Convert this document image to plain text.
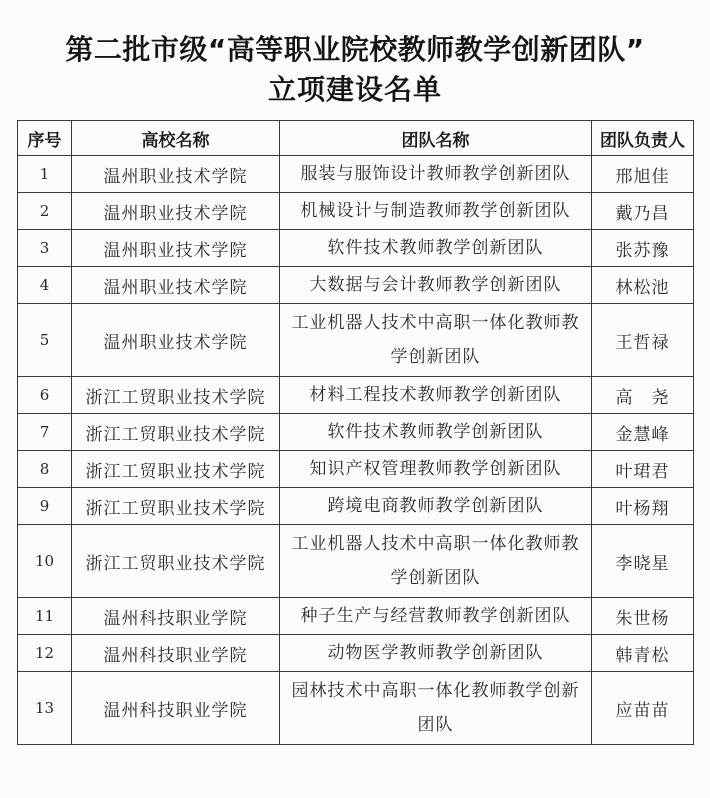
第二批市级“高等职业院校教师教学创新团队”
立项建设名单
序号	高校名称	团队名称	团队负责人
1	温州职业技术学院	服装与服饰设计教师教学创新团队	邢旭佳
2	温州职业技术学院	机械设计与制造教师教学创新团队	戴乃昌
3	温州职业技术学院	软件技术教师教学创新团队	张苏豫
4	温州职业技术学院	大数据与会计教师教学创新团队	林松池
5	温州职业技术学院	工业机器人技术中高职一体化教师教学创新团队	王哲禄
6	浙江工贸职业技术学院	材料工程技术教师教学创新团队	高　尧
7	浙江工贸职业技术学院	软件技术教师教学创新团队	金慧峰
8	浙江工贸职业技术学院	知识产权管理教师教学创新团队	叶珺君
9	浙江工贸职业技术学院	跨境电商教师教学创新团队	叶杨翔
10	浙江工贸职业技术学院	工业机器人技术中高职一体化教师教学创新团队	李晓星
11	温州科技职业学院	种子生产与经营教师教学创新团队	朱世杨
12	温州科技职业学院	动物医学教师教学创新团队	韩青松
13	温州科技职业学院	园林技术中高职一体化教师教学创新团队	应苗苗
